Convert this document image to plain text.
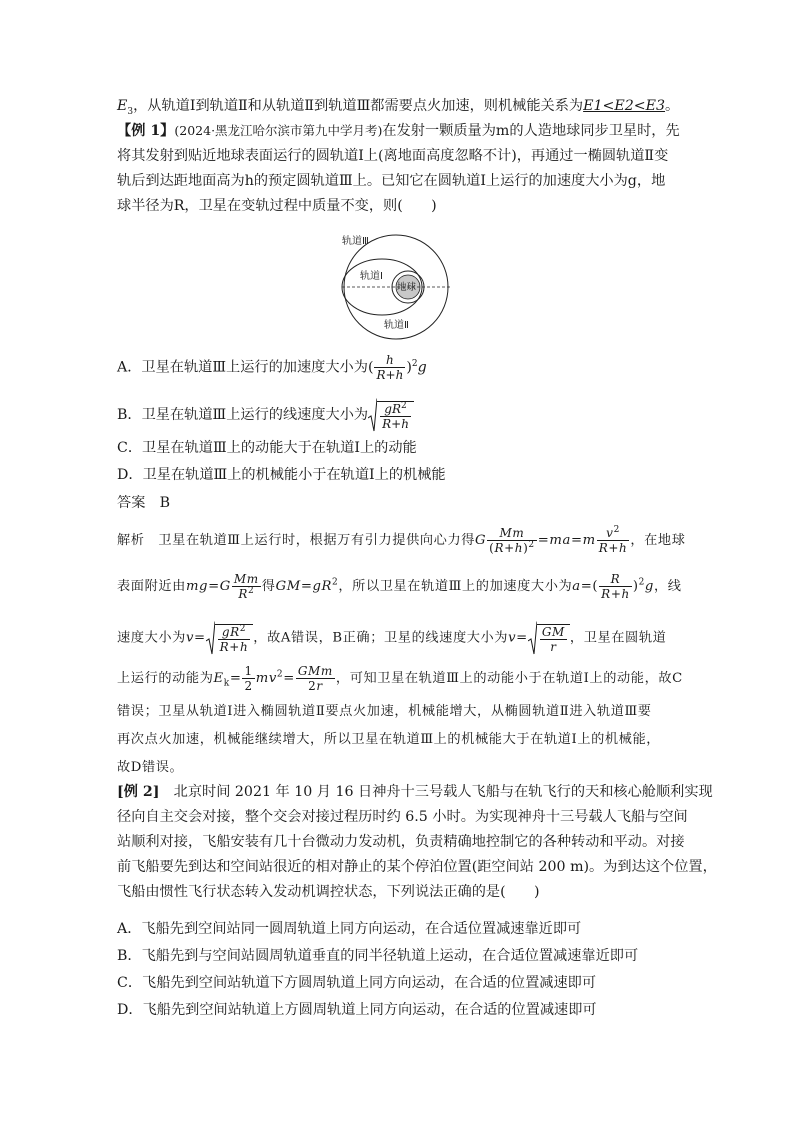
$E_3$，从轨道Ⅰ到轨道Ⅱ和从轨道Ⅱ到轨道Ⅲ都需要点火加速，则机械能关系为E1<E2<E3。
【例 1】(2024·黑龙江哈尔滨市第九中学月考)在发射一颗质量为m的人造地球同步卫星时，先
将其发射到贴近地球表面运行的圆轨道Ⅰ上(离地面高度忽略不计)，再通过一椭圆轨道Ⅱ变
轨后到达距地面高为h的预定圆轨道Ⅲ上。已知它在圆轨道Ⅰ上运行的加速度大小为g，地
球半径为R，卫星在变轨过程中质量不变，则(　　)
轨道Ⅲ
轨道Ⅰ
地球
轨道Ⅱ
A．卫星在轨道Ⅲ上运行的加速度大小为( $\frac{h}{R+h} )^2g$
B．卫星在轨道Ⅲ上运行的线速度大小为 $\frac{gR^2}{R+h}$
C．卫星在轨道Ⅲ上的动能大于在轨道Ⅰ上的动能
D．卫星在轨道Ⅲ上的机械能小于在轨道Ⅰ上的机械能
答案　 B
解析　 卫星在轨道Ⅲ上运行时，根据万有引力提供向心力得G $\frac{Mm}{(R+h)^2} =ma=m \frac{v^2}{R+h}$ ，在地球
表面附近由$mg=G \frac{Mm}{R^2}$ 得$GM=gR^2$，所以卫星在轨道Ⅲ上的加速度大小为$a=( \frac{R}{R+h} )^2g$，线
速度大小为$v= \frac{gR^2}{R+h}$ ，故A错误，B正确；卫星的线速度大小为$v= \frac{GM}{r}$ ，卫星在圆轨道
上运行的动能为$E_k= \frac{1}{2} mv^2= \frac{\text{GMm}}{2r}$ ，可知卫星在轨道Ⅲ上的动能小于在轨道Ⅰ上的动能，故C
错误；卫星从轨道Ⅰ进入椭圆轨道Ⅱ要点火加速，机械能增大，从椭圆轨道Ⅱ进入轨道Ⅲ要
再次点火加速，机械能继续增大，所以卫星在轨道Ⅲ上的机械能大于在轨道Ⅰ上的机械能，
故D错误。
[例 2]　 北京时间 2021 年 10 月 16 日神舟十三号载人飞船与在轨飞行的天和核心舱顺利实现
径向自主交会对接，整个交会对接过程历时约 6.5 小时。为实现神舟十三号载人飞船与空间
站顺利对接，飞船安装有几十台微动力发动机，负责精确地控制它的各种转动和平动。对接
前飞船要先到达和空间站很近的相对静止的某个停泊位置(距空间站 200 m)。为到达这个位置，
飞船由惯性飞行状态转入发动机调控状态，下列说法正确的是(　　)
A．飞船先到空间站同一圆周轨道上同方向运动，在合适位置减速靠近即可
B．飞船先到与空间站圆周轨道垂直的同半径轨道上运动，在合适位置减速靠近即可
C．飞船先到空间站轨道下方圆周轨道上同方向运动，在合适的位置减速即可
D．飞船先到空间站轨道上方圆周轨道上同方向运动，在合适的位置减速即可
